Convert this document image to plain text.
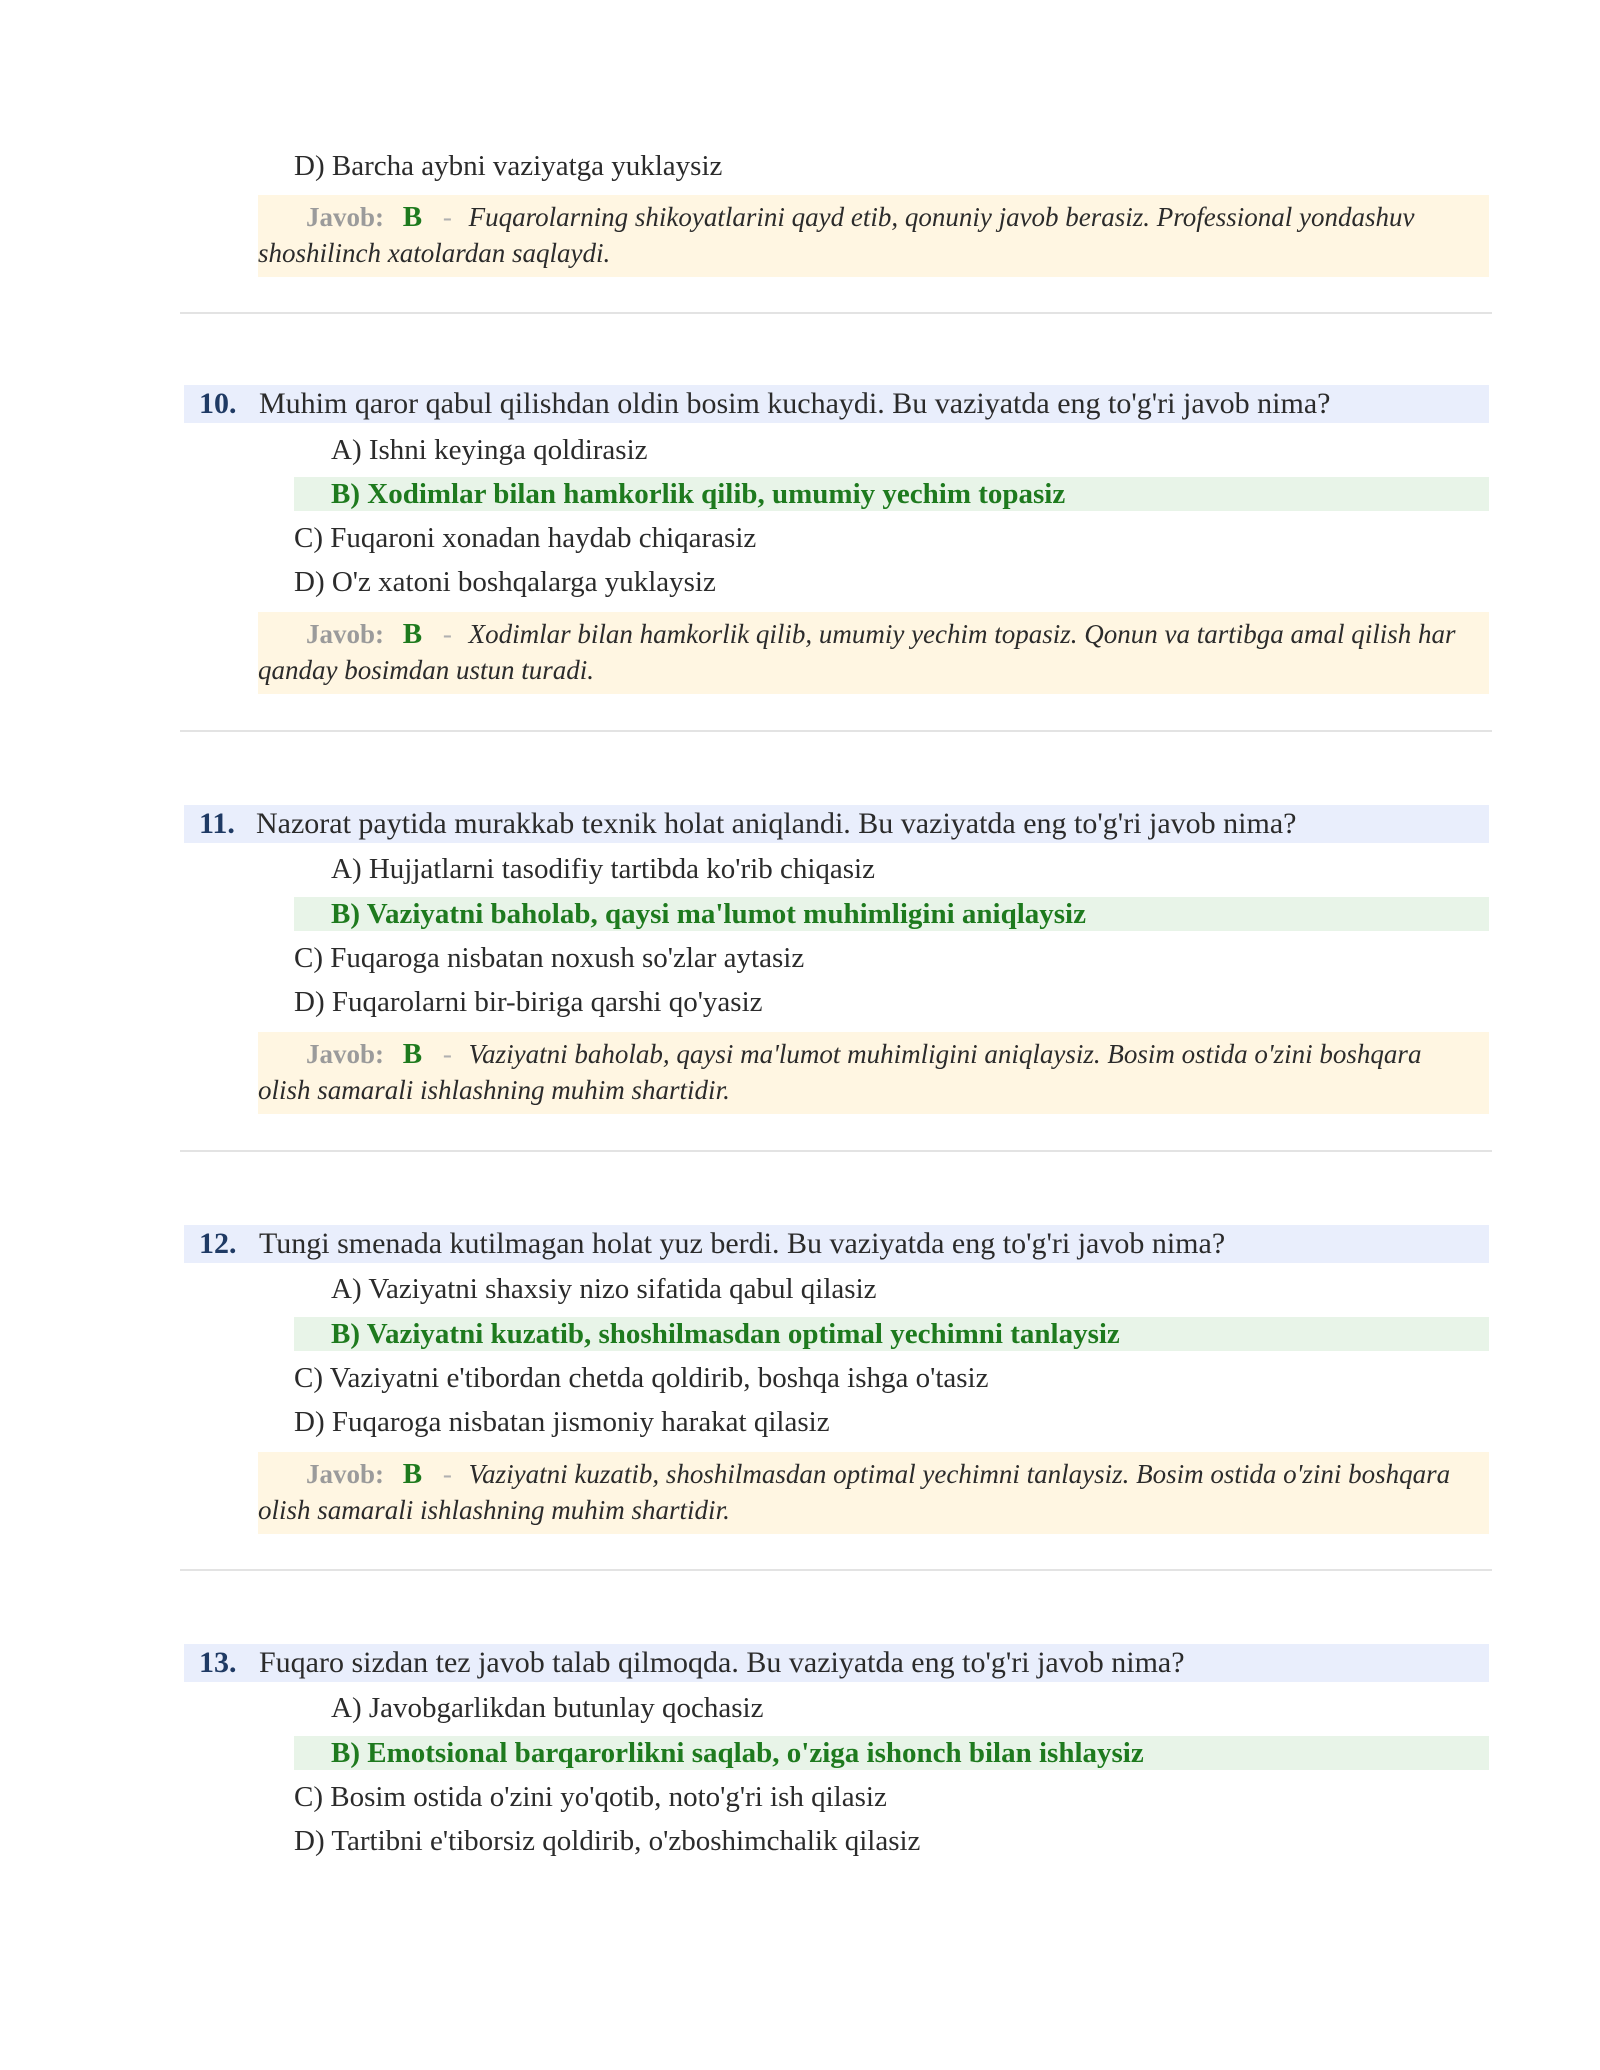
D) Barcha aybni vaziyatga yuklaysiz
Javob: B - Fuqarolarning shikoyatlarini qayd etib, qonuniy javob berasiz. Professional yondashuv shoshilinch xatolardan saqlaydi.
10. Muhim qaror qabul qilishdan oldin bosim kuchaydi. Bu vaziyatda eng to'g'ri javob nima?
A) Ishni keyinga qoldirasiz
B) Xodimlar bilan hamkorlik qilib, umumiy yechim topasiz
C) Fuqaroni xonadan haydab chiqarasiz
D) O'z xatoni boshqalarga yuklaysiz
Javob: B - Xodimlar bilan hamkorlik qilib, umumiy yechim topasiz. Qonun va tartibga amal qilish har qanday bosimdan ustun turadi.
11. Nazorat paytida murakkab texnik holat aniqlandi. Bu vaziyatda eng to'g'ri javob nima?
A) Hujjatlarni tasodifiy tartibda ko'rib chiqasiz
B) Vaziyatni baholab, qaysi ma'lumot muhimligini aniqlaysiz
C) Fuqaroga nisbatan noxush so'zlar aytasiz
D) Fuqarolarni bir-biriga qarshi qo'yasiz
Javob: B - Vaziyatni baholab, qaysi ma'lumot muhimligini aniqlaysiz. Bosim ostida o'zini boshqara olish samarali ishlashning muhim shartidir.
12. Tungi smenada kutilmagan holat yuz berdi. Bu vaziyatda eng to'g'ri javob nima?
A) Vaziyatni shaxsiy nizo sifatida qabul qilasiz
B) Vaziyatni kuzatib, shoshilmasdan optimal yechimni tanlaysiz
C) Vaziyatni e'tibordan chetda qoldirib, boshqa ishga o'tasiz
D) Fuqaroga nisbatan jismoniy harakat qilasiz
Javob: B - Vaziyatni kuzatib, shoshilmasdan optimal yechimni tanlaysiz. Bosim ostida o'zini boshqara olish samarali ishlashning muhim shartidir.
13. Fuqaro sizdan tez javob talab qilmoqda. Bu vaziyatda eng to'g'ri javob nima?
A) Javobgarlikdan butunlay qochasiz
B) Emotsional barqarorlikni saqlab, o'ziga ishonch bilan ishlaysiz
C) Bosim ostida o'zini yo'qotib, noto'g'ri ish qilasiz
D) Tartibni e'tiborsiz qoldirib, o'zboshimchalik qilasiz
